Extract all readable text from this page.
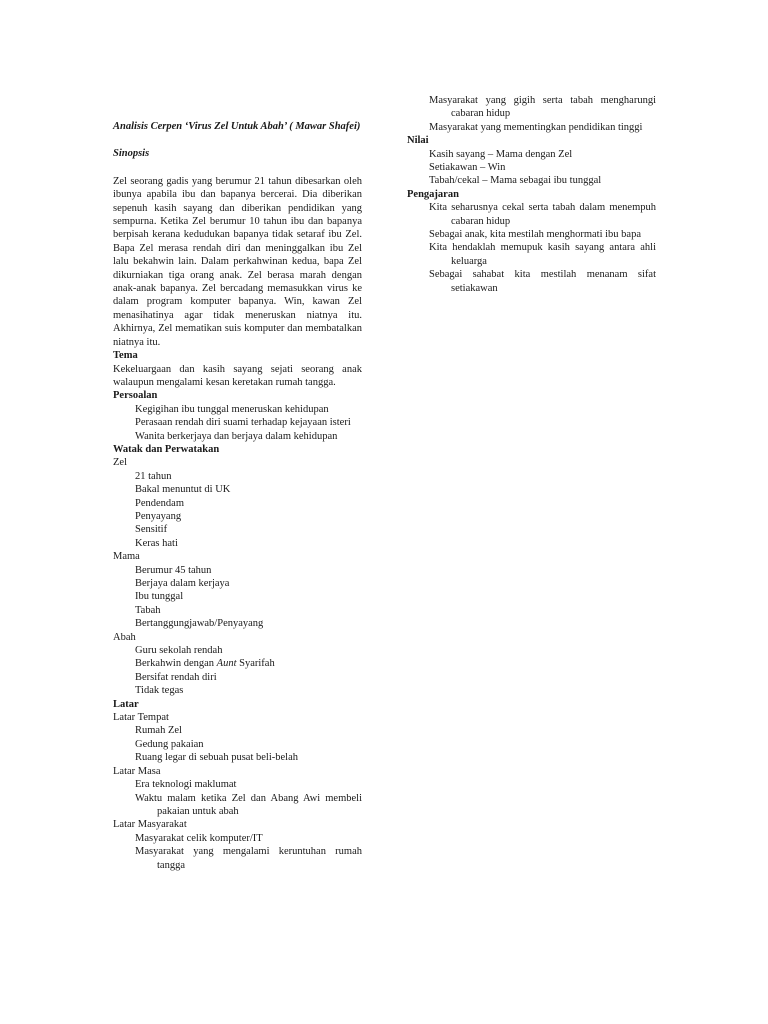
Analisis Cerpen ‘Virus Zel Untuk Abah’ ( Mawar Shafei)
Sinopsis
Zel seorang gadis yang berumur 21 tahun dibesarkan oleh ibunya apabila ibu dan bapanya bercerai. Dia diberikan sepenuh kasih sayang dan diberikan pendidikan yang sempurna. Ketika Zel berumur 10 tahun ibu dan bapanya berpisah kerana kedudukan bapanya tidak setaraf ibu Zel. Bapa Zel merasa rendah diri dan meninggalkan ibu Zel lalu bekahwin lain. Dalam perkahwinan kedua, bapa Zel dikurniakan tiga orang anak. Zel berasa marah dengan anak-anak bapanya. Zel bercadang memasukkan virus ke dalam program komputer bapanya. Win, kawan Zel menasihatinya agar tidak meneruskan niatnya itu. Akhirnya, Zel mematikan suis komputer dan membatalkan niatnya itu.
Tema
Kekeluargaan dan kasih sayang sejati seorang anak walaupun mengalami kesan keretakan rumah tangga.
Persoalan
Kegigihan ibu tunggal meneruskan kehidupan
Perasaan rendah diri suami terhadap kejayaan isteri
Wanita berkerjaya dan berjaya dalam kehidupan
Watak dan Perwatakan
Zel
21 tahun
Bakal menuntut di UK
Pendendam
Penyayang
Sensitif
Keras hati
Mama
Berumur 45 tahun
Berjaya dalam kerjaya
Ibu tunggal
Tabah
Bertanggungjawab/Penyayang
Abah
Guru sekolah rendah
Berkahwin dengan Aunt Syarifah
Bersifat rendah diri
Tidak tegas
Latar
Latar Tempat
Rumah Zel
Gedung pakaian
Ruang legar di sebuah pusat beli-belah
Latar Masa
Era teknologi maklumat
Waktu malam ketika Zel dan Abang Awi membeli pakaian untuk abah
Latar Masyarakat
Masyarakat celik komputer/IT
Masyarakat yang mengalami keruntuhan rumah tangga
Masyarakat yang gigih serta tabah mengharungi cabaran hidup
Masyarakat yang mementingkan pendidikan tinggi
Nilai
Kasih sayang – Mama dengan Zel
Setiakawan – Win
Tabah/cekal – Mama sebagai ibu tunggal
Pengajaran
Kita seharusnya cekal serta tabah dalam menempuh cabaran hidup
Sebagai anak, kita mestilah menghormati ibu bapa
Kita hendaklah memupuk kasih sayang antara ahli keluarga
Sebagai sahabat kita mestilah menanam sifat setiakawan
